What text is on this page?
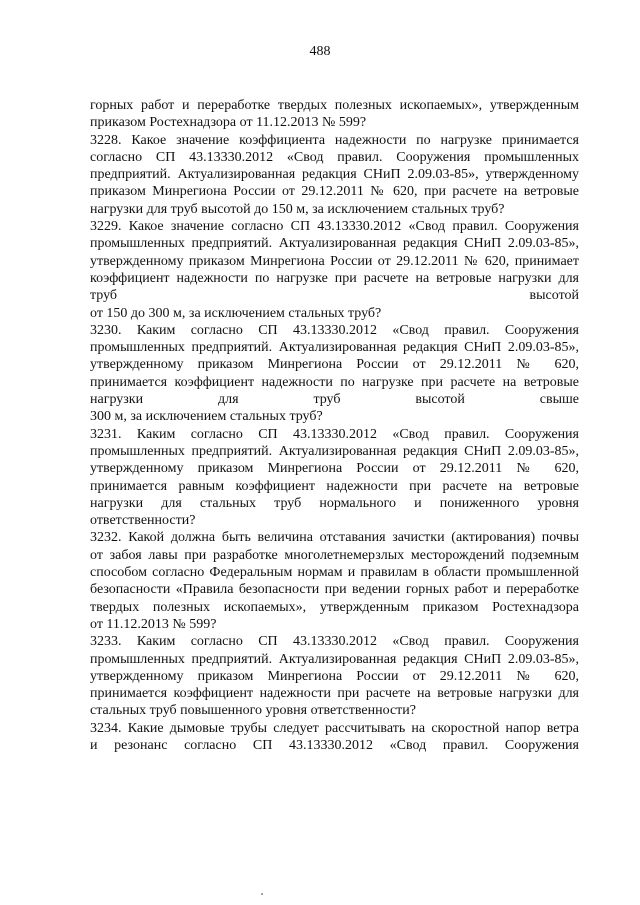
488
горных работ и переработке твердых полезных ископаемых», утвержденным
приказом Ростехнадзора от 11.12.2013 № 599?
3228. Какое значение коэффициента надежности по нагрузке принимается
согласно СП 43.13330.2012 «Свод правил. Сооружения промышленных
предприятий. Актуализированная редакция СНиП 2.09.03-85», утвержденному
приказом Минрегиона России от 29.12.2011 № 620, при расчете на ветровые
нагрузки для труб высотой до 150 м, за исключением стальных труб?
3229. Какое значение согласно СП 43.13330.2012 «Свод правил. Сооружения
промышленных предприятий. Актуализированная редакция СНиП 2.09.03-85»,
утвержденному приказом Минрегиона России от 29.12.2011 № 620, принимает
коэффициент надежности по нагрузке при расчете на ветровые нагрузки для
труб высотой
от 150 до 300 м, за исключением стальных труб?
3230. Каким согласно СП 43.13330.2012 «Свод правил. Сооружения
промышленных предприятий. Актуализированная редакция СНиП 2.09.03-85»,
утвержденному приказом Минрегиона России от 29.12.2011 № 620,
принимается коэффициент надежности по нагрузке при расчете на ветровые
нагрузки для труб высотой свыше
300 м, за исключением стальных труб?
3231. Каким согласно СП 43.13330.2012 «Свод правил. Сооружения
промышленных предприятий. Актуализированная редакция СНиП 2.09.03-85»,
утвержденному приказом Минрегиона России от 29.12.2011 № 620,
принимается равным коэффициент надежности при расчете на ветровые
нагрузки для стальных труб нормального и пониженного уровня
ответственности?
3232. Какой должна быть величина отставания зачистки (актирования) почвы
от забоя лавы при разработке многолетнемерзлых месторождений подземным
способом согласно Федеральным нормам и правилам в области промышленной
безопасности «Правила безопасности при ведении горных работ и переработке
твердых полезных ископаемых», утвержденным приказом Ростехнадзора
от 11.12.2013 № 599?
3233. Каким согласно СП 43.13330.2012 «Свод правил. Сооружения
промышленных предприятий. Актуализированная редакция СНиП 2.09.03-85»,
утвержденному приказом Минрегиона России от 29.12.2011 № 620,
принимается коэффициент надежности при расчете на ветровые нагрузки для
стальных труб повышенного уровня ответственности?
3234. Какие дымовые трубы следует рассчитывать на скоростной напор ветра
и резонанс согласно СП 43.13330.2012 «Свод правил. Сооружения
